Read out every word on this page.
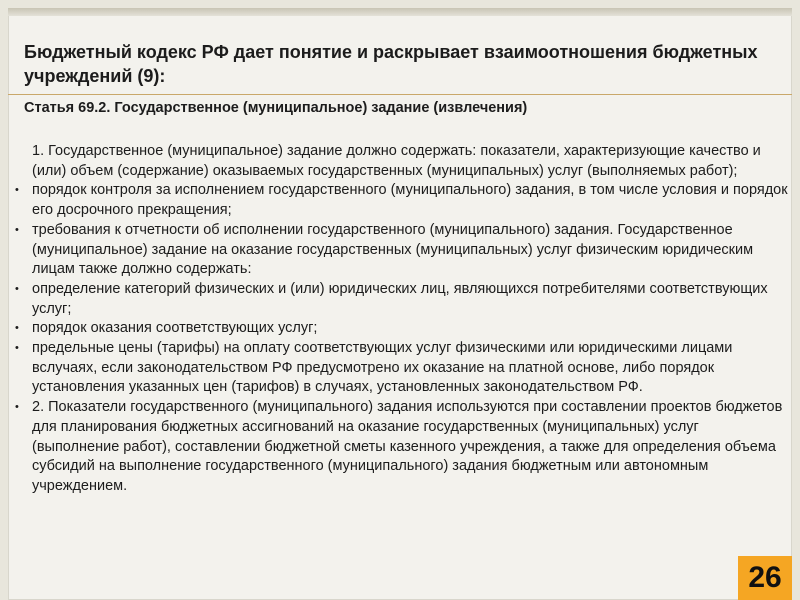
Бюджетный кодекс РФ дает понятие и раскрывает взаимоотношения бюджетных учреждений (9):
Статья 69.2. Государственное (муниципальное) задание (извлечения)

1. Государственное (муниципальное) задание должно содержать: показатели, характеризующие качество и (или) объем (содержание) оказываемых государственных (муниципальных) услуг (выполняемых работ);

• порядок контроля за исполнением государственного (муниципального) задания, в том числе условия и порядок его досрочного прекращения;

• требования к отчетности об исполнении государственного (муниципального) задания. Государственное (муниципальное) задание на оказание государственных (муниципальных) услуг физическим юридическим лицам также должно содержать:

• определение категорий физических и (или) юридических лиц, являющихся потребителями соответствующих услуг;

• порядок оказания соответствующих услуг;

• предельные цены (тарифы) на оплату соответствующих услуг физическими или юридическими лицами вслучаях, если законодательством РФ предусмотрено их оказание на платной основе, либо порядок установления указанных цен (тарифов) в случаях, установленных законодательством РФ.

• 2. Показатели государственного (муниципального) задания используются при составлении проектов бюджетов для планирования бюджетных ассигнований на оказание государственных (муниципальных) услуг (выполнение работ), составлении бюджетной сметы казенного учреждения, а также для определения объема субсидий на выполнение государственного (муниципального) задания бюджетным или автономным учреждением.

26
